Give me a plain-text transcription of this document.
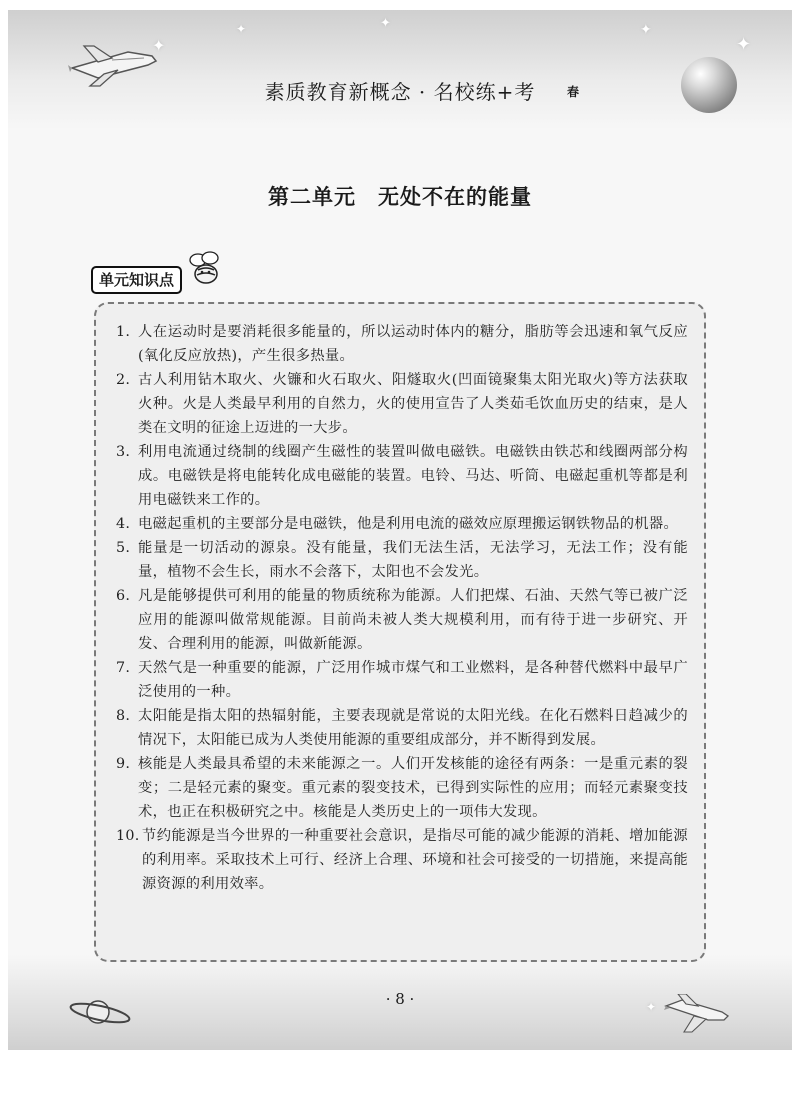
✦
✦	✦	✦
✦
素质教育新概念 · 名校练+考	春
第二单元　无处不在的能量
单元知识点
1. 人在运动时是要消耗很多能量的，所以运动时体内的糖分，脂肪等会迅速和氧气反应(氧化反应放热)，产生很多热量。
2. 古人利用钻木取火、火镰和火石取火、阳燧取火(凹面镜聚集太阳光取火)等方法获取火种。火是人类最早利用的自然力，火的使用宣告了人类茹毛饮血历史的结束，是人类在文明的征途上迈进的一大步。
3. 利用电流通过绕制的线圈产生磁性的装置叫做电磁铁。电磁铁由铁芯和线圈两部分构成。电磁铁是将电能转化成电磁能的装置。电铃、马达、听筒、电磁起重机等都是利用电磁铁来工作的。
4. 电磁起重机的主要部分是电磁铁，他是利用电流的磁效应原理搬运钢铁物品的机器。
5. 能量是一切活动的源泉。没有能量，我们无法生活，无法学习，无法工作；没有能量，植物不会生长，雨水不会落下，太阳也不会发光。
6. 凡是能够提供可利用的能量的物质统称为能源。人们把煤、石油、天然气等已被广泛应用的能源叫做常规能源。目前尚未被人类大规模利用，而有待于进一步研究、开发、合理利用的能源，叫做新能源。
7. 天然气是一种重要的能源，广泛用作城市煤气和工业燃料，是各种替代燃料中最早广泛使用的一种。
8. 太阳能是指太阳的热辐射能，主要表现就是常说的太阳光线。在化石燃料日趋减少的情况下，太阳能已成为人类使用能源的重要组成部分，并不断得到发展。
9. 核能是人类最具希望的未来能源之一。人们开发核能的途径有两条：一是重元素的裂变；二是轻元素的聚变。重元素的裂变技术，已得到实际性的应用；而轻元素聚变技术，也正在积极研究之中。核能是人类历史上的一项伟大发现。
10. 节约能源是当今世界的一种重要社会意识，是指尽可能的减少能源的消耗、增加能源的利用率。采取技术上可行、经济上合理、环境和社会可接受的一切措施，来提高能源资源的利用效率。
· 8 ·	✦
